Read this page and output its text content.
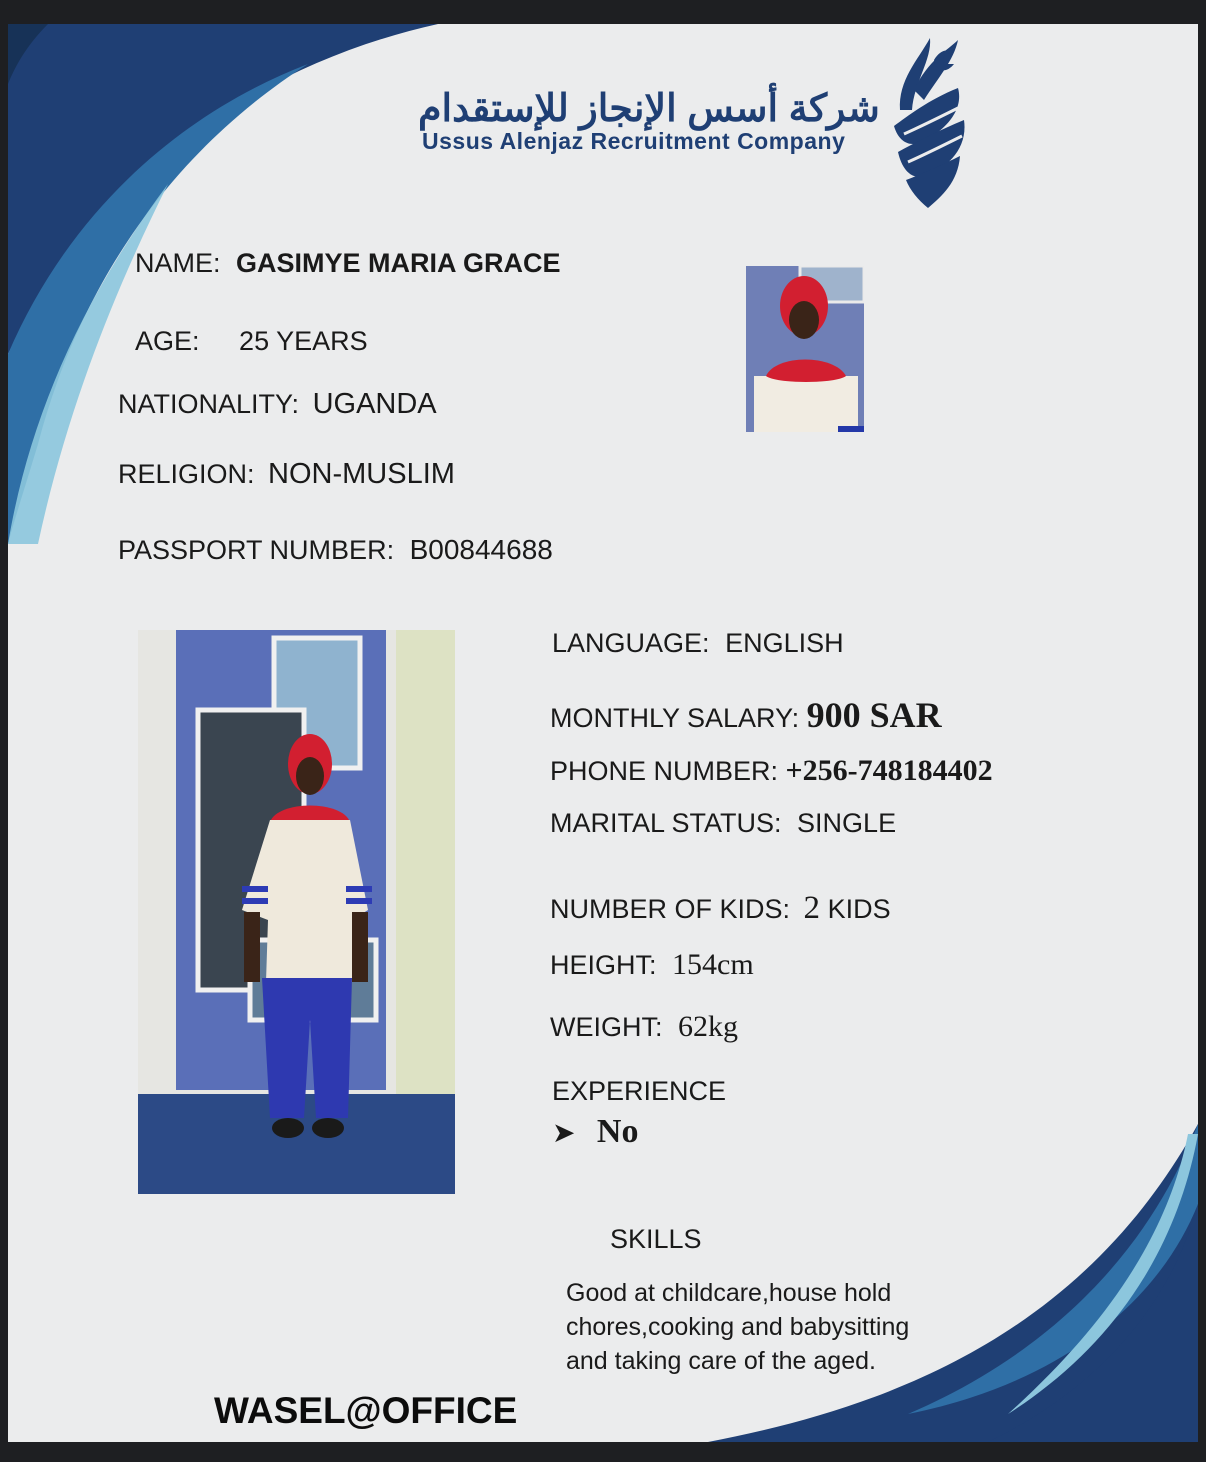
شركة أسس الإنجاز للإستقدام
Ussus Alenjaz Recruitment Company
NAME: GASIMYE MARIA GRACE
AGE: 25 YEARS
NATIONALITY: UGANDA
RELIGION: NON-MUSLIM
PASSPORT NUMBER: B00844688
LANGUAGE: ENGLISH
MONTHLY SALARY: 900 SAR
PHONE NUMBER: +256-748184402
MARITAL STATUS: SINGLE
NUMBER OF KIDS: 2 KIDS
HEIGHT: 154cm
WEIGHT: 62kg
EXPERIENCE
➤ No
SKILLS
Good at childcare,house hold
chores,cooking and babysitting
and taking care of the aged.
WASEL@OFFICE
